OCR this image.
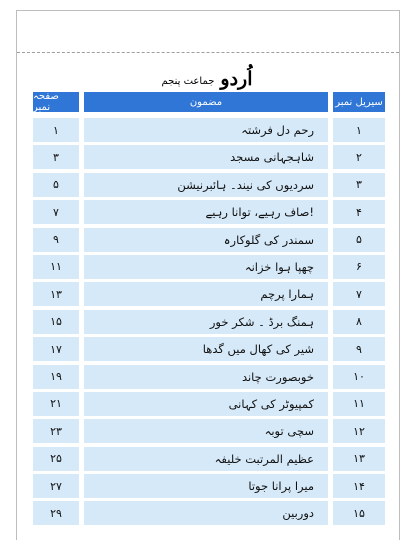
اُردو
جماعت پنجم
سیریل نمبر
مضمون
صفحہ نمبر
۱
رحم دل فرشتہ
۱
۲
شاہجہانی مسجد
۳
۳
سردیوں کی نیند۔ ہائبرنیشن
۵
۴
!صاف رہیے، توانا رہیے
۷
۵
سمندر کی گلوکارہ
۹
۶
چھپا ہوا خزانہ
۱۱
۷
ہمارا پرچم
۱۳
۸
ہمنگ برڈ ۔ شکر خور
۱۵
۹
شیر کی کھال میں گدھا
۱۷
۱۰
خوبصورت چاند
۱۹
۱۱
کمپیوٹر کی کہانی
۲۱
۱۲
سچی توبہ
۲۳
۱۳
عظیم المرتبت خلیفہ
۲۵
۱۴
میرا پرانا جوتا
۲۷
۱۵
دوربین
۲۹
